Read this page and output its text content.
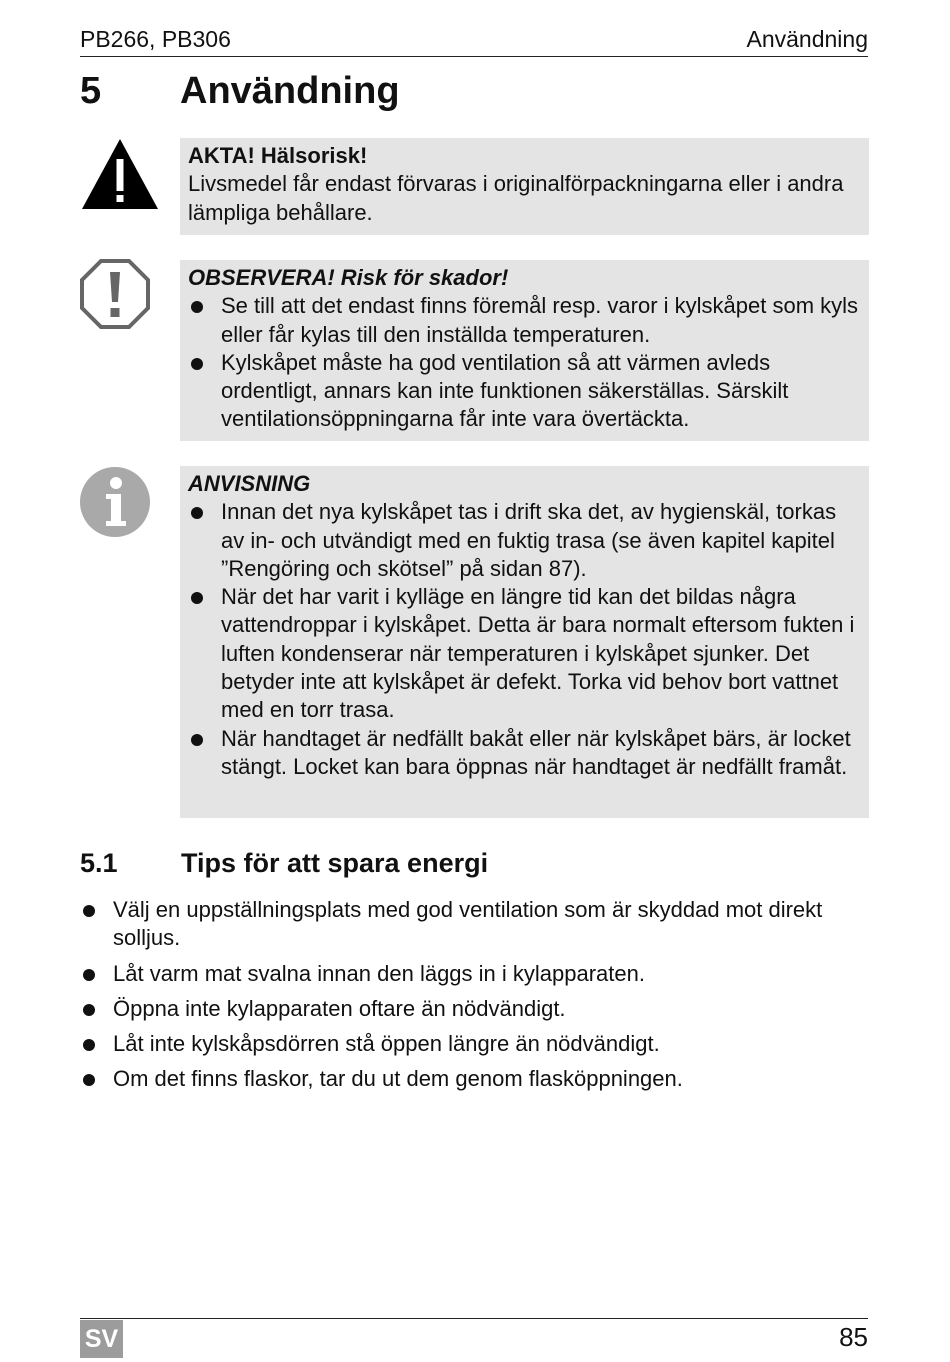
PB266, PB306	Användning
5 Användning
AKTA! Hälsorisk!
Livsmedel får endast förvaras i originalförpackningarna eller i andra lämpliga behållare.
OBSERVERA! Risk för skador!
Se till att det endast finns föremål resp. varor i kylskåpet som kyls eller får kylas till den inställda temperaturen.
Kylskåpet måste ha god ventilation så att värmen avleds ordentligt, annars kan inte funktionen säkerställas. Särskilt ventilationsöppningarna får inte vara övertäckta.
ANVISNING
Innan det nya kylskåpet tas i drift ska det, av hygienskäl, torkas av in- och utvändigt med en fuktig trasa (se även kapitel kapitel ”Rengöring och skötsel” på sidan 87).
När det har varit i kylläge en längre tid kan det bildas några vattendroppar i kylskåpet. Detta är bara normalt eftersom fukten i luften kondenserar när temperaturen i kylskåpet sjunker. Det betyder inte att kylskåpet är defekt. Torka vid behov bort vattnet med en torr trasa.
När handtaget är nedfällt bakåt eller när kylskåpet bärs, är locket stängt. Locket kan bara öppnas när handtaget är nedfällt framåt.
5.1 Tips för att spara energi
Välj en uppställningsplats med god ventilation som är skyddad mot direkt solljus.
Låt varm mat svalna innan den läggs in i kylapparaten.
Öppna inte kylapparaten oftare än nödvändigt.
Låt inte kylskåpsdörren stå öppen längre än nödvändigt.
Om det finns flaskor, tar du ut dem genom flasköppningen.
SV	85
